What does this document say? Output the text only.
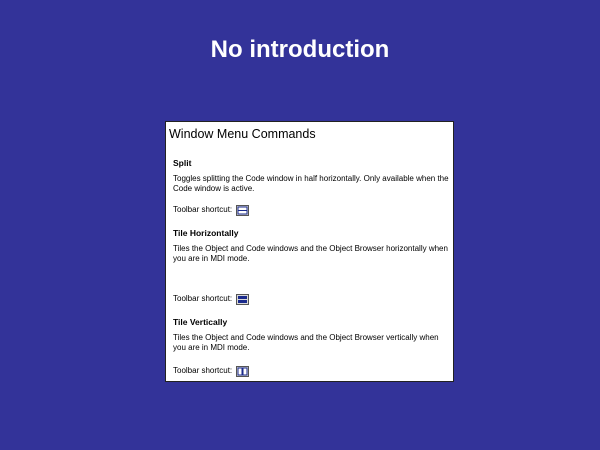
No introduction
Window Menu Commands
Split
Toggles splitting the Code window in half horizontally. Only available when the Code window is active.
Toolbar shortcut:
Tile Horizontally
Tiles the Object and Code windows and the Object Browser horizontally when you are in MDI mode.
Toolbar shortcut:
Tile Vertically
Tiles the Object and Code windows and the Object Browser vertically when you are in MDI mode.
Toolbar shortcut:
